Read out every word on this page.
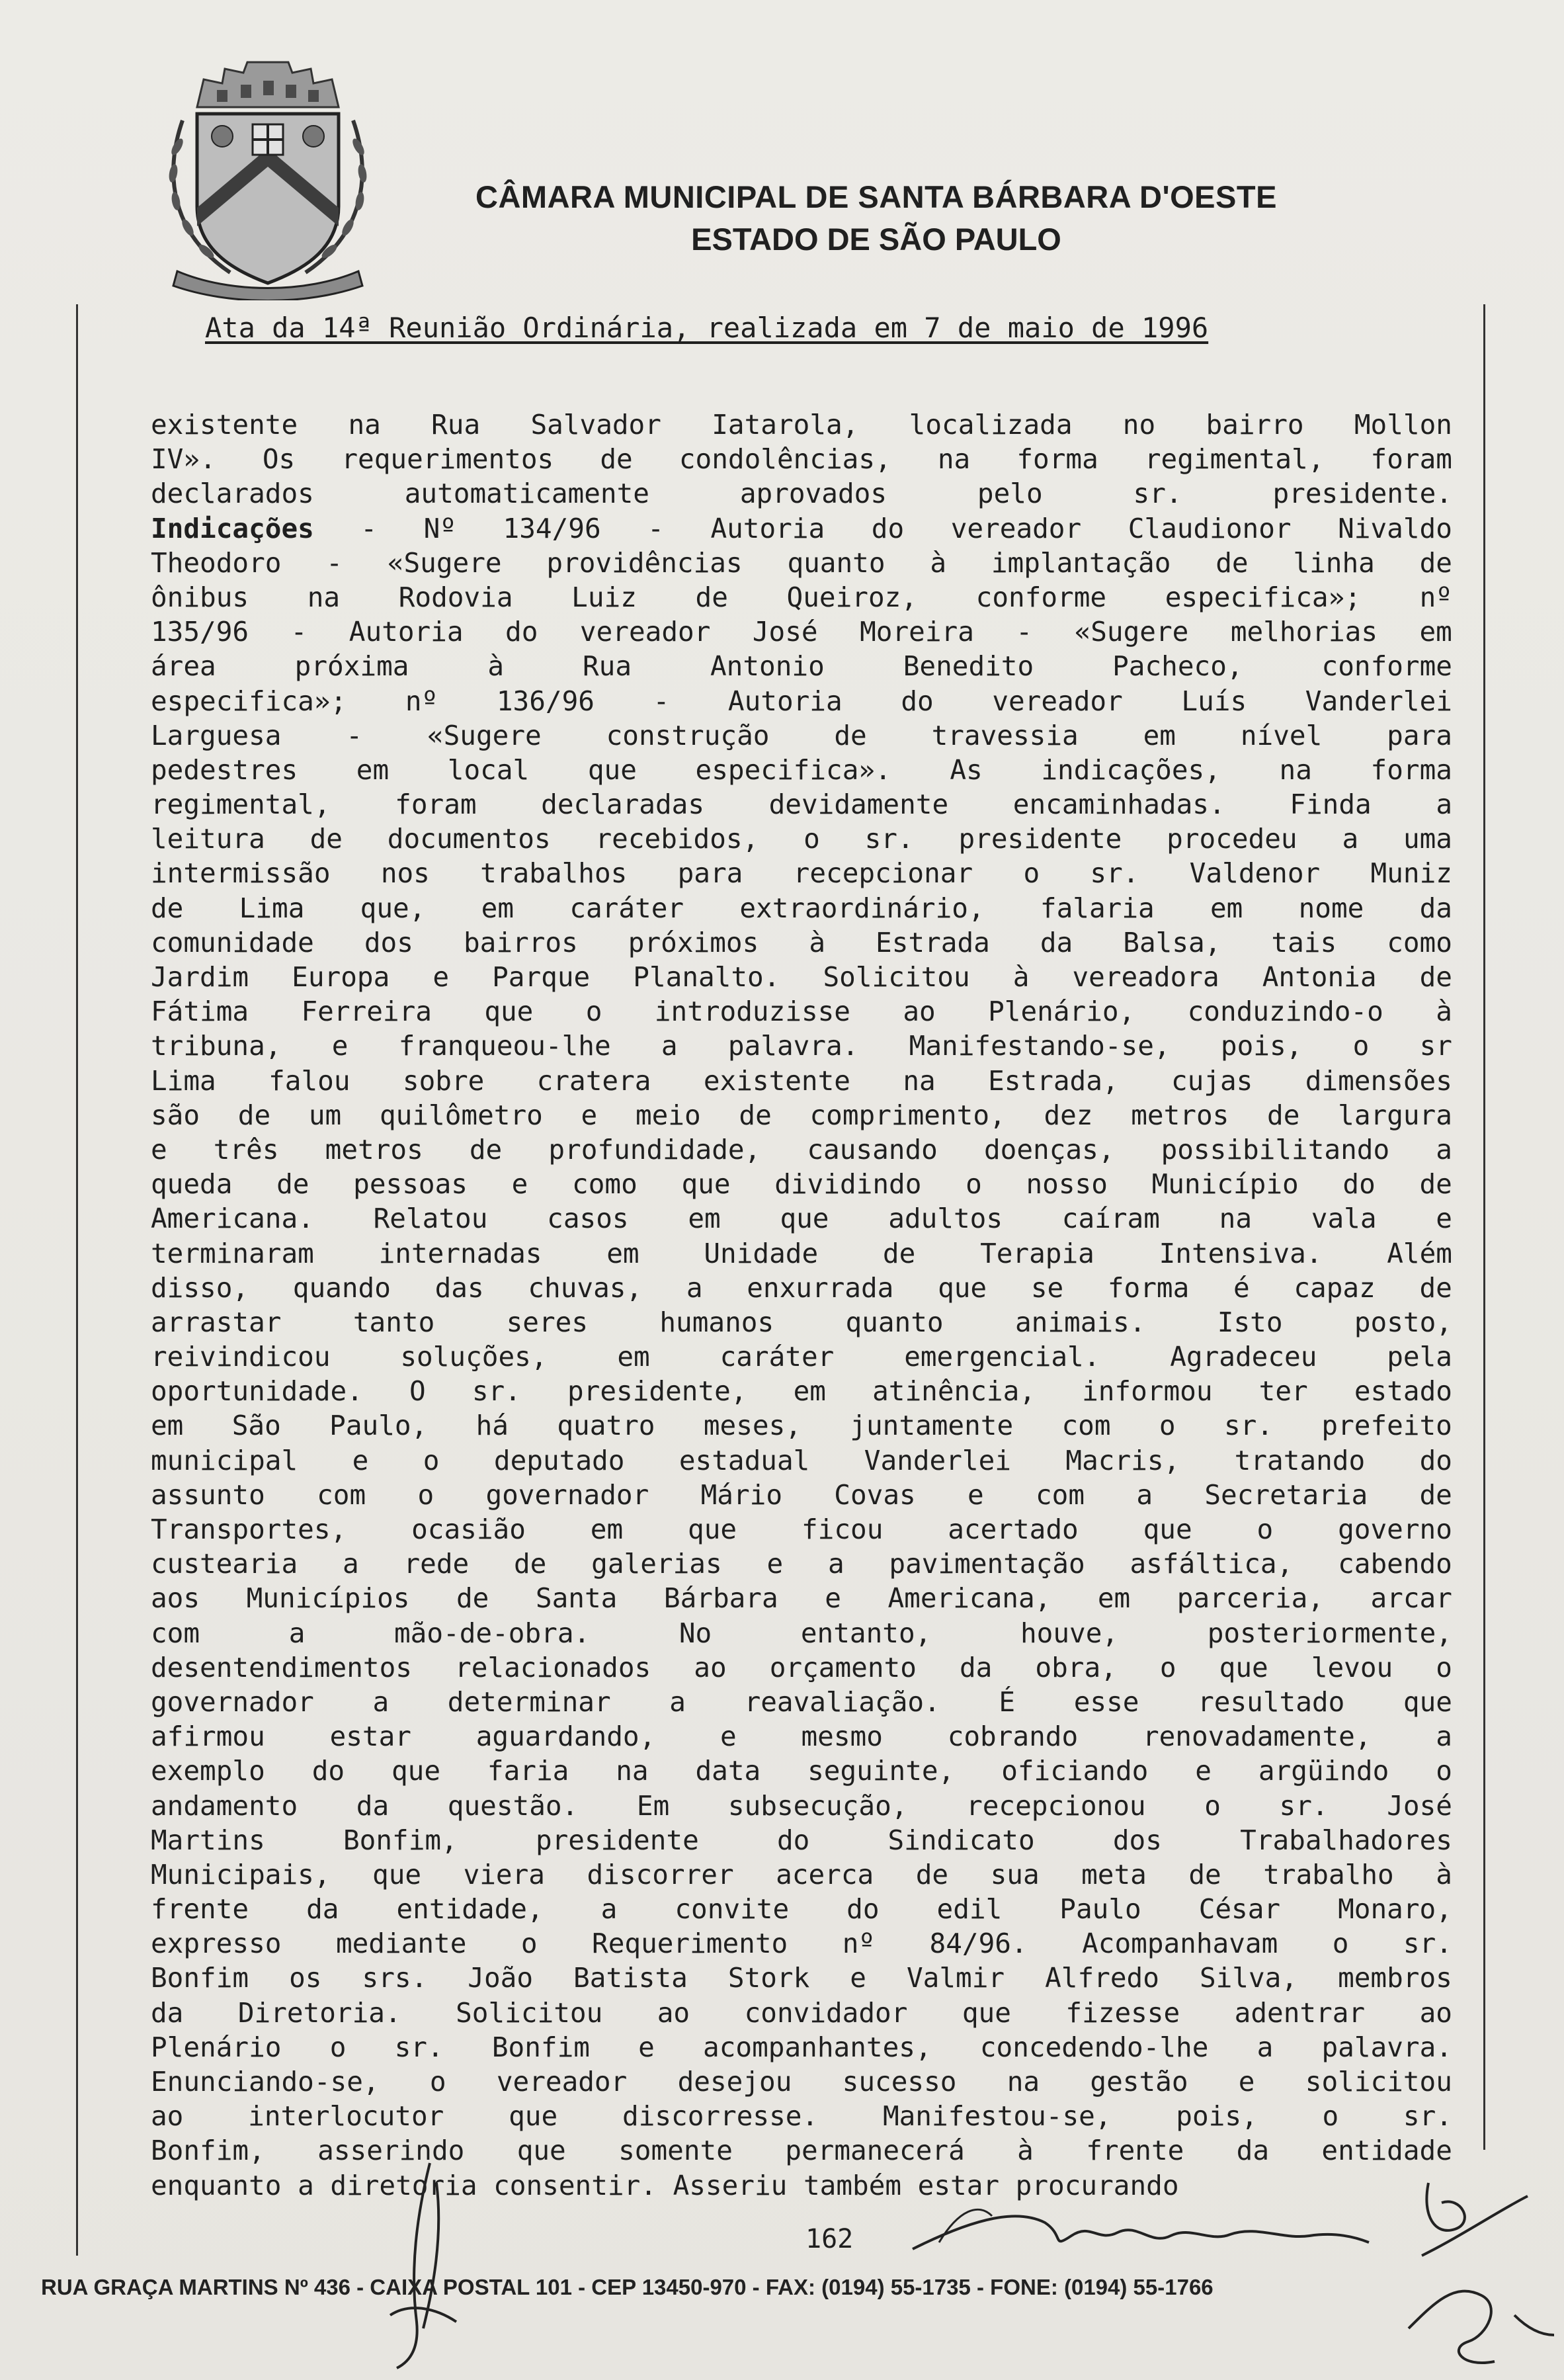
CÂMARA MUNICIPAL DE SANTA BÁRBARA D'OESTE
ESTADO DE SÃO PAULO
Ata da 14ª Reunião Ordinária, realizada em 7 de maio de 1996
existente na Rua Salvador Iatarola, localizada no bairro Mollon
IV». Os requerimentos de condolências, na forma regimental, foram
declarados	automaticamente	aprovados	pelo	sr.	presidente.
Indicações - Nº 134/96 - Autoria do vereador Claudionor Nivaldo
Theodoro - «Sugere providências quanto à implantação de linha de
ônibus na Rodovia Luiz de Queiroz, conforme especifica»; nº
135/96 - Autoria do vereador José Moreira - «Sugere melhorias em
área	próxima	à	Rua	Antonio	Benedito	Pacheco,	conforme
especifica»; nº 136/96 - Autoria do vereador Luís Vanderlei
Larguesa - «Sugere construção de travessia em nível para
pedestres em local que especifica». As indicações, na forma
regimental, foram declaradas devidamente encaminhadas. Finda a
leitura de documentos recebidos, o sr. presidente procedeu a uma
intermissão nos trabalhos para recepcionar o sr. Valdenor Muniz
de Lima que, em caráter extraordinário, falaria em nome da
comunidade dos bairros próximos à Estrada da Balsa, tais como
Jardim Europa e Parque Planalto. Solicitou à vereadora Antonia de
Fátima Ferreira que o introduzisse ao Plenário, conduzindo-o à
tribuna, e franqueou-lhe a palavra. Manifestando-se, pois, o sr
Lima falou sobre cratera existente na Estrada, cujas dimensões
são de um quilômetro e meio de comprimento, dez metros de largura
e três metros de profundidade, causando doenças, possibilitando a
queda de pessoas e como que dividindo o nosso Município do de
Americana. Relatou casos em que adultos caíram na vala e
terminaram internadas em Unidade de Terapia Intensiva. Além
disso, quando das chuvas, a enxurrada que se forma é capaz de
arrastar	tanto	seres	humanos	quanto	animais.	Isto	posto,
reivindicou	soluções,	em	caráter	emergencial.	Agradeceu	pela
oportunidade. O sr. presidente, em atinência, informou ter estado
em São Paulo, há quatro meses, juntamente com o sr. prefeito
municipal e o deputado estadual Vanderlei Macris, tratando do
assunto com o governador Mário Covas e com a Secretaria de
Transportes, ocasião em que ficou acertado que o governo
custearia a rede de galerias e a pavimentação asfáltica, cabendo
aos Municípios de Santa Bárbara e Americana, em parceria, arcar
com	a	mão-de-obra.	No	entanto,	houve,	posteriormente,
desentendimentos relacionados ao orçamento da obra, o que levou o
governador a determinar a reavaliação. É esse resultado que
afirmou estar aguardando, e mesmo cobrando renovadamente, a
exemplo do que faria na data seguinte, oficiando e argüindo o
andamento da questão. Em subsecução, recepcionou o sr. José
Martins	Bonfim,	presidente	do	Sindicato	dos	Trabalhadores
Municipais, que viera discorrer acerca de sua meta de trabalho à
frente da entidade, a convite do edil Paulo César Monaro,
expresso mediante o Requerimento nº 84/96. Acompanhavam o sr.
Bonfim os srs. João Batista Stork e Valmir Alfredo Silva, membros
da Diretoria. Solicitou ao convidador que fizesse adentrar ao
Plenário o sr. Bonfim e acompanhantes, concedendo-lhe a palavra.
Enunciando-se, o vereador desejou sucesso na gestão e solicitou
ao interlocutor que discorresse. Manifestou-se, pois, o sr.
Bonfim, asserindo que somente permanecerá à frente da entidade
enquanto a diretoria consentir. Asseriu também estar procurando
162
RUA GRAÇA MARTINS Nº 436 - CAIXA POSTAL 101 - CEP 13450-970 - FAX: (0194) 55-1735 - FONE: (0194) 55-1766
